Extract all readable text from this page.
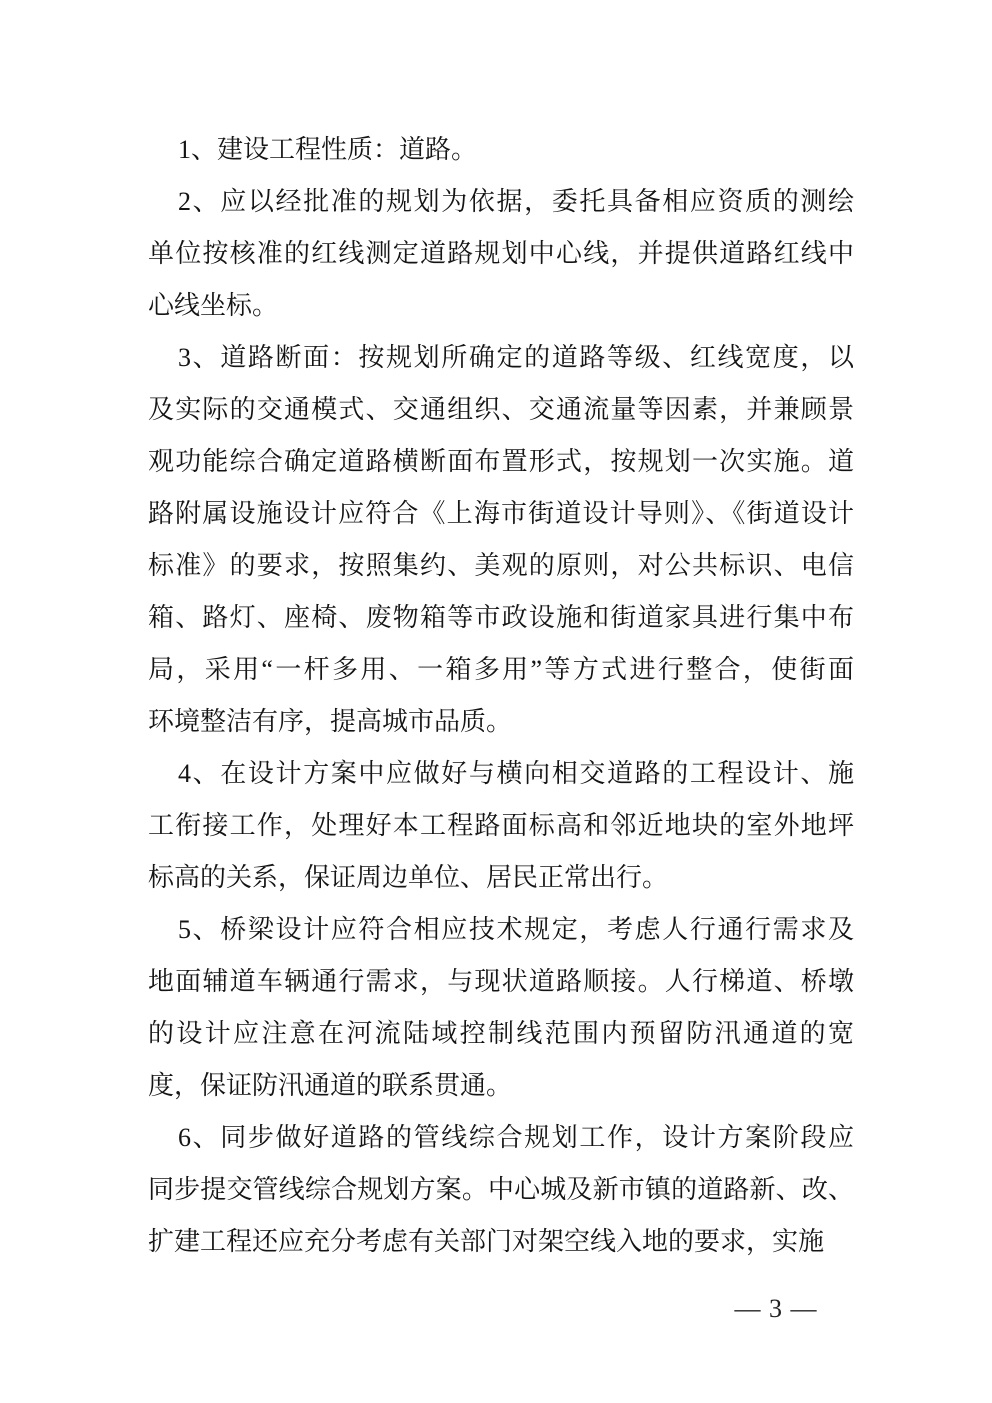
1、建设工程性质：道路。
2、应以经批准的规划为依据，委托具备相应资质的测绘
单位按核准的红线测定道路规划中心线，并提供道路红线中
心线坐标。
3、道路断面：按规划所确定的道路等级、红线宽度，以
及实际的交通模式、交通组织、交通流量等因素，并兼顾景
观功能综合确定道路横断面布置形式，按规划一次实施。道
路附属设施设计应符合《上海市街道设计导则》、《街道设计
标准》的要求，按照集约、美观的原则，对公共标识、电信
箱、路灯、座椅、废物箱等市政设施和街道家具进行集中布
局，采用“一杆多用、一箱多用”等方式进行整合，使街面
环境整洁有序，提高城市品质。
4、在设计方案中应做好与横向相交道路的工程设计、施
工衔接工作，处理好本工程路面标高和邻近地块的室外地坪
标高的关系，保证周边单位、居民正常出行。
5、桥梁设计应符合相应技术规定，考虑人行通行需求及
地面辅道车辆通行需求，与现状道路顺接。人行梯道、桥墩
的设计应注意在河流陆域控制线范围内预留防汛通道的宽
度，保证防汛通道的联系贯通。
6、同步做好道路的管线综合规划工作，设计方案阶段应
同步提交管线综合规划方案。中心城及新市镇的道路新、改、
扩建工程还应充分考虑有关部门对架空线入地的要求，实施
— 3 —
